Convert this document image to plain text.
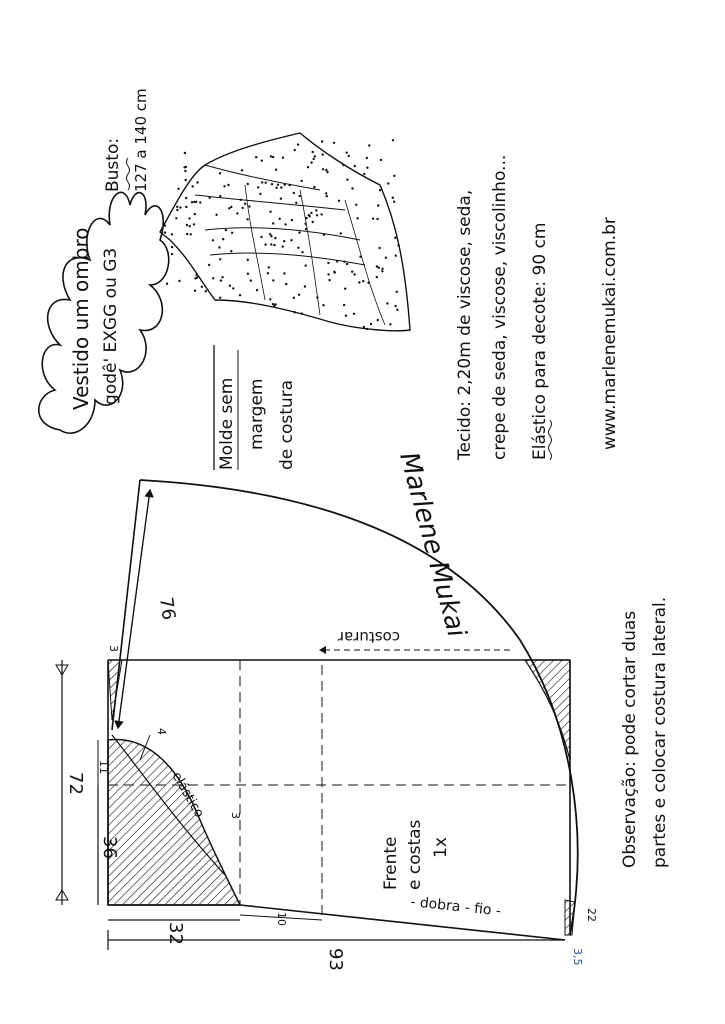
Vestido um ombro godê' EXGG ou G3
Busto: 127 a 140 cm
Molde sem margem de costura	Tecido: 2,20m de viscose, seda, crepe de seda, viscose, viscolinho... Elástico para decote: 90 cm	www.marlenemukai.com.br
Marlene Mukai
Observação: pode cortar duas partes e colocar costura lateral.
Frente e costas 1x
costurar
elástico
- dobra - fio -
76
3
72
36
11
4
3
32
10
93
22
3,5
